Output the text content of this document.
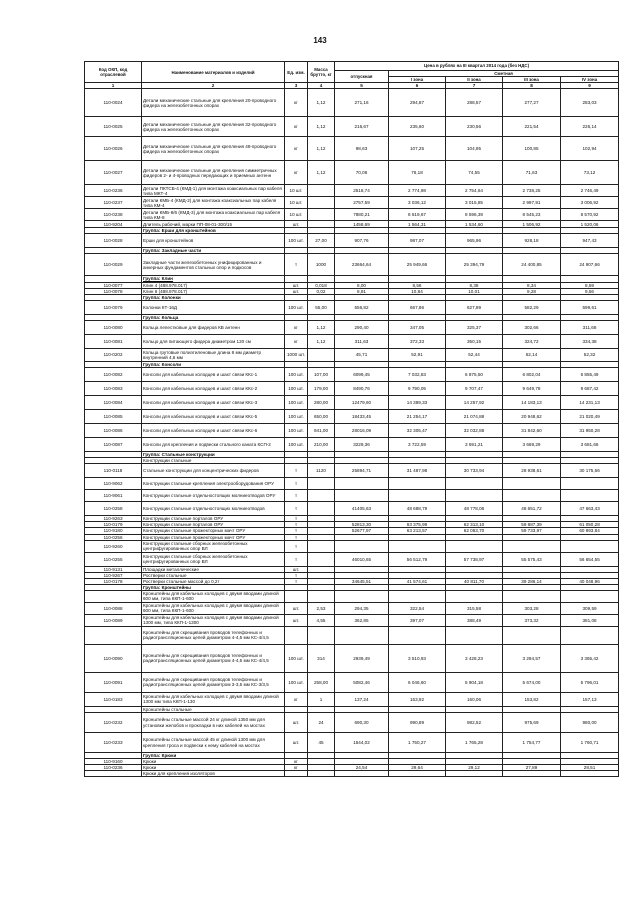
143
Код ОКП, код отраслевой	Наименование материалов и изделий	Ед. изм.	Масса брутто, кг	Цена в рублях на III квартал 2014 года (без НДС)				
				отпускная	Сметная			
					I зона	II зона	III зона	IV зона
1	2	3	4	5	6	7	8	9
110-0024	Детали механические стальные для крепления 20-проводного фидера на железобетонных опорах	кг	1,12	271,16	294,87	288,57	277,27	283,03
110-0025	Детали механические стальные для крепления 32-проводного фидера на железобетонных опорах	кг	1,12	216,67	235,60	230,56	221,54	226,14
110-0026	Детали механические стальные для крепления 48-проводного фидера на железобетонных опорах	кг	1,12	98,63	107,25	104,95	100,85	102,94
110-0027	Детали механические стальные для крепления симметричных фидеров 2- и 4-проводных передающих и приемных антенн	кг	1,12	70,06	76,18	74,55	71,63	73,12
110-0236	Детали ПКТСБ-4 (КМД-1) для монтажа коаксиальных пар кабеля типа МКТ-4	10 шт.		2518,74	2 774,98	2 754,64	2 738,25	2 746,49
110-0237	Детали КМБ-4 (КМД-2) для монтажа коаксиальных пар кабеля типа КМ-4	10 шт.		2757,59	3 036,12	3 015,85	2 997,91	3 006,92
110-0238	Детали КМБ-8/6 (КМД-3) для монтажа коаксиальных пар кабеля типа КМ-8	10 шт.		7880,21	8 619,67	8 596,39	8 545,23	8 570,92
110-9204	Длитель рабочий, марки ПП-08-01-300/15	шт.		1458,69	1 564,31	1 534,60	1 506,92	1 520,06
	Группа: Ерши для кронштейнов							
110-0028	Ерши для кронштейнов	100 шт.	27,00	907,76	987,07	965,96	928,18	947,43
	Группа: Закладные части							
110-0029	Закладные части железобетонных унифицированных и анкерных фундаментов стальных опор и подкосов	т	1000	23664,64	25 949,66	25 394,79	24 400,85	24 907,66
	Группа: Клин							
110-0077	Клин 4 (488.978.017)	шт.	0,018	8,00	8,56	8,38	8,34	8,59
110-0078	Клин 6 (488.978.017)	шт.	0,02	8,91	10,84	10,01	9,28	9,56
	Группа: Колонки							
110-0079	Колонки КТ-16Д	100 шт.	55,00	556,82	667,86	627,89	582,29	599,61
	Группа: Кольца							
110-0080	Кольца лепестковые для фидеров КВ антенн	кг	1,12	290,40	347,05	325,37	302,66	311,68
110-0081	Кольцо для питающего фидера диаметром 120 см	кг	1,12	311,63	372,33	350,15	324,72	334,38
110-0202	Кольца грутовые полиэтиленовые длина 8 мм диаметр внутренний 4,6 мм	1000 шт.		45,71	52,91	52,44	52,14	52,32
	Группа: Консоли							
110-0082	Консоли для кабельных колодцев и шахт связи ККс-1	100 шт.	107,00	6099,45	7 032,83	6 875,50	6 802,04	6 855,49
110-0083	Консоли для кабельных колодцев и шахт связи ККс-2	100 шт.	179,00	8490,76	9 790,05	9 707,47	9 649,78	9 687,42
110-0084	Консоли для кабельных колодцев и шахт связи ККс-3	100 шт.	280,00	12479,60	14 389,33	14 257,92	14 183,13	14 231,13
110-0085	Консоли для кабельных колодцев и шахт связи ККс-5	100 шт.	650,00	18433,45	21 254,17	21 074,88	20 948,62	21 020,49
110-0086	Консоли для кабельных колодцев и шахт связи ККс-6	100 шт.	941,00	28016,09	32 305,47	32 032,88	31 842,60	31 950,28
110-0087	Консоли для крепления и подвески стального каната КСП-2	100 шт.	210,00	3229,36	3 722,59	3 691,21	3 669,29	3 681,66
	Группа: Стальные конструкции							
	Конструкции стальные							
110-0118	Стальные конструкции для концентрических фидеров	т	1120	25894,71	31 487,98	30 733,94	28 938,61	30 175,66
110-9062	Конструкции стальные крепления электрооборудования ОРУ	т						
110-9061	Конструкции стальные отдельностоящих молниеотводов ОРУ	т						
110-0258	Конструкции стальные отдельностоящих молниеотводов	т		41405,63	48 688,79	48 778,06	48 651,72	47 663,43
110-9263	Конструкции стальные порталов ОРУ	т						
110-0179	Конструкции стальные порталов ОРУ	т		52813,30	63 375,99	62 313,10	59 887,39	61 050,28
110-9180	Конструкции стальные прожекторных мачт ОРУ	т		52677,97	63 213,57	62 053,70	59 733,97	60 893,84
110-0256	Конструкции стальные прожекторных мачт ОРУ	т						
110-9260	Конструкции стальные сборных железобетонных центрифугированных опор ВЛ	т						
110-0255	Конструкции стальные сборных железобетонных центрифугированных опор ВЛ	т		46010,65	56 512,79	57 738,97	55 575,43	56 654,55
110-9131	Площадки металлические	шт.						
110-9267	Ростверки стальные	т						
110-0178	Ростверки стальные массой до 0,2т	т		34645,51	41 574,61	40 811,70	39 286,14	40 048,96
	Группа: Кронштейны							
	Кронштейны для кабельных колодцев с двумя вводами длиной 600 мм, типа ККП-1-600							
110-0088	Кронштейны для кабельных колодцев с двумя вводами длиной 600 мм, типа ККП-1-600	шт.	2,53	294,35	322,54	315,58	303,28	309,59
110-0089	Кронштейны для кабельных колодцев с двумя вводами длиной 1300 мм, типа ККП-1-1300	шт.	4,55	362,85	397,07	388,49	373,32	381,08
	Кронштейны для скрещивания проводов телефонных и радиотрансляционных цепей диаметром 4-4,5 мм КС-4/4,5							
110-0090	Кронштейны для скрещивания проводов телефонных и радиотрансляционных цепей диаметром 4-4,5 мм КС-4/4,5	100 шт.	314	2939,49	3 510,93	3 428,23	3 294,57	3 365,42
110-0091	Кронштейны для скрещивания проводов телефонных и радиотрансляционных цепей диаметром 3-3,5 мм КС-3/3,5	100 шт.	258,00	5082,46	6 046,60	5 904,18	5 674,00	5 796,01
110-0183	Кронштейны для кабельных колодцев с двумя вводами длиной 1300 мм типа ККП-1-130	кг	1	137,24	163,92	160,06	153,82	157,13
	Кронштейны стальные							
110-0232	Кронштейны стальные массой 24 кг длиной 1350 мм для установки желобов и прокладки в них кабелей на мостах	шт.	24	690,30	990,89	982,52	975,69	980,00
110-0233	Кронштейны стальные массой 45 кг длиной 1300 мм для крепления троса и подвески к нему кабелей на мостах	шт.	45	1544,02	1 750,27	1 765,28	1 754,77	1 760,71
	Группа: Крюки							
110-9160	Крюки	кг						
110-0236	Крюки	кг		24,54	29,64	29,12	27,89	28,51
	Крюки для крепления изоляторов							
